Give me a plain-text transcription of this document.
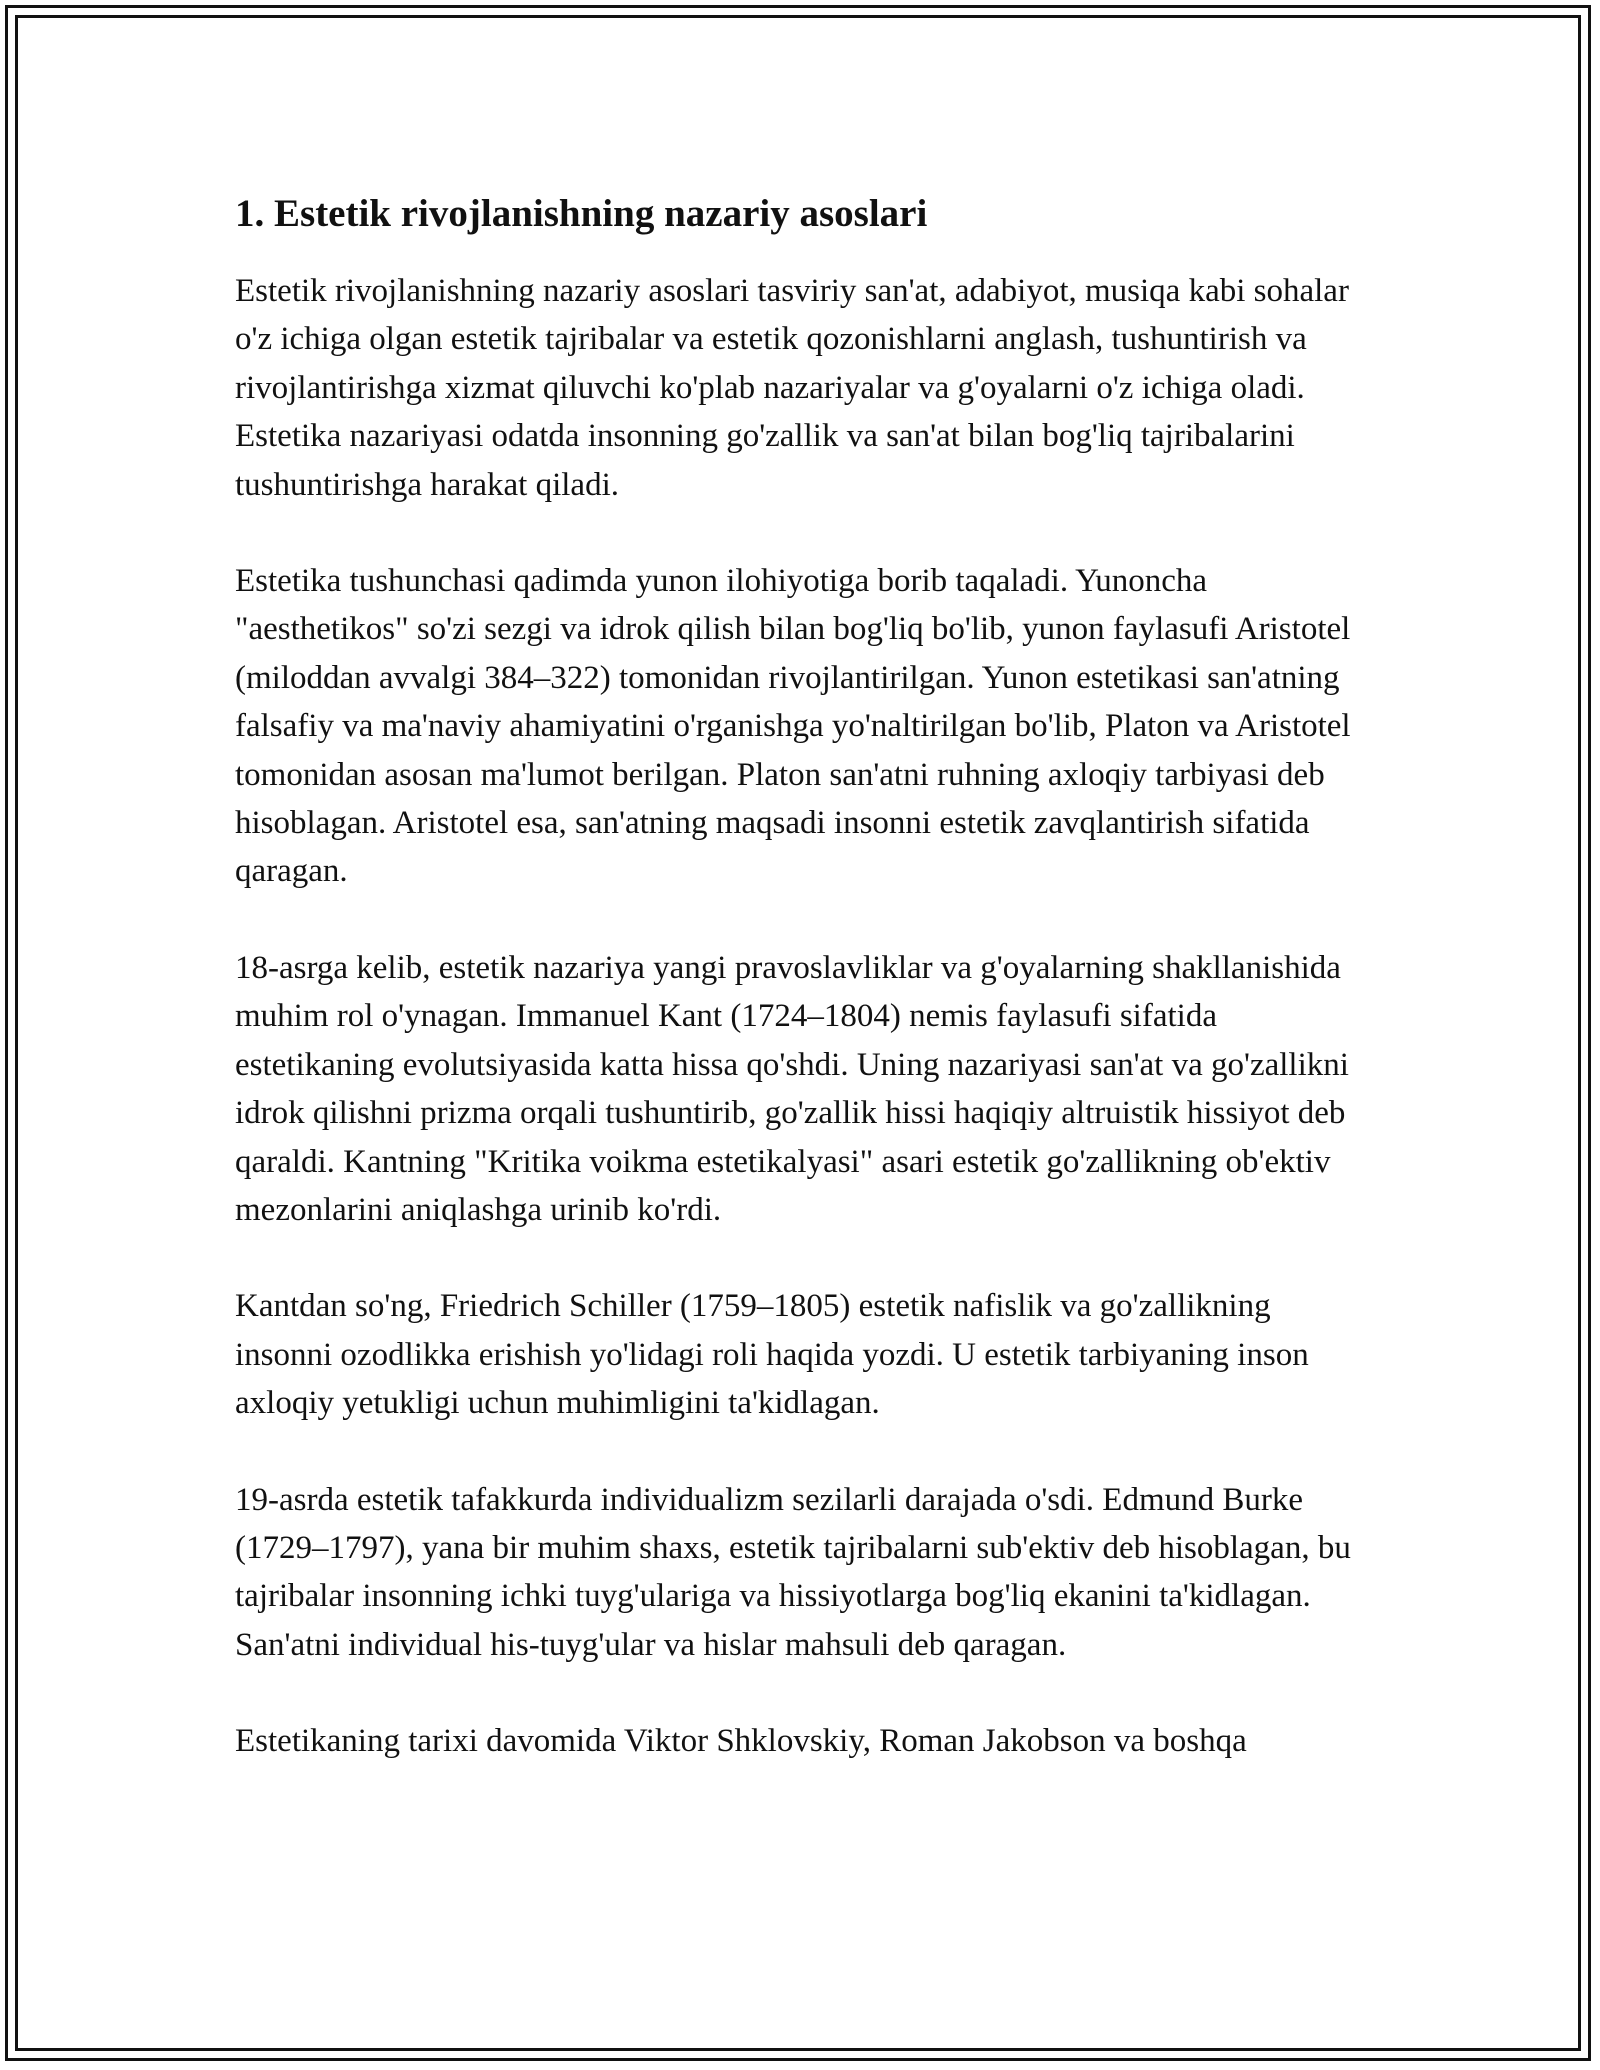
1. Estetik rivojlanishning nazariy asoslari

Estetik rivojlanishning nazariy asoslari tasviriy san'at, adabiyot, musiqa kabi sohalar o'z ichiga olgan estetik tajribalar va estetik qozonishlarni anglash, tushuntirish va rivojlantirishga xizmat qiluvchi ko'plab nazariyalar va g'oyalarni o'z ichiga oladi. Estetika nazariyasi odatda insonning go'zallik va san'at bilan bog'liq tajribalarini tushuntirishga harakat qiladi.

Estetika tushunchasi qadimda yunon ilohiyotiga borib taqaladi. Yunoncha "aesthetikos" so'zi sezgi va idrok qilish bilan bog'liq bo'lib, yunon faylasufi Aristotel (miloddan avvalgi 384–322) tomonidan rivojlantirilgan. Yunon estetikasi san'atning falsafiy va ma'naviy ahamiyatini o'rganishga yo'naltirilgan bo'lib, Platon va Aristotel tomonidan asosan ma'lumot berilgan. Platon san'atni ruhning axloqiy tarbiyasi deb hisoblagan. Aristotel esa, san'atning maqsadi insonni estetik zavqlantirish sifatida qaragan.

18-asrga kelib, estetik nazariya yangi pravoslavliklar va g'oyalarning shakllanishida muhim rol o'ynagan. Immanuel Kant (1724–1804) nemis faylasufi sifatida estetikaning evolutsiyasida katta hissa qo'shdi. Uning nazariyasi san'at va go'zallikni idrok qilishni prizma orqali tushuntirib, go'zallik hissi haqiqiy altruistik hissiyot deb qaraldi. Kantning "Kritika voikma estetikalyasi" asari estetik go'zallikning ob'ektiv mezonlarini aniqlashga urinib ko'rdi.

Kantdan so'ng, Friedrich Schiller (1759–1805) estetik nafislik va go'zallikning insonni ozodlikka erishish yo'lidagi roli haqida yozdi. U estetik tarbiyaning inson axloqiy yetukligi uchun muhimligini ta'kidlagan.

19-asrda estetik tafakkurda individualizm sezilarli darajada o'sdi. Edmund Burke (1729–1797), yana bir muhim shaxs, estetik tajribalarni sub'ektiv deb hisoblagan, bu tajribalar insonning ichki tuyg'ulariga va hissiyotlarga bog'liq ekanini ta'kidlagan. San'atni individual his-tuyg'ular va hislar mahsuli deb qaragan.

Estetikaning tarixi davomida Viktor Shklovskiy, Roman Jakobson va boshqa
